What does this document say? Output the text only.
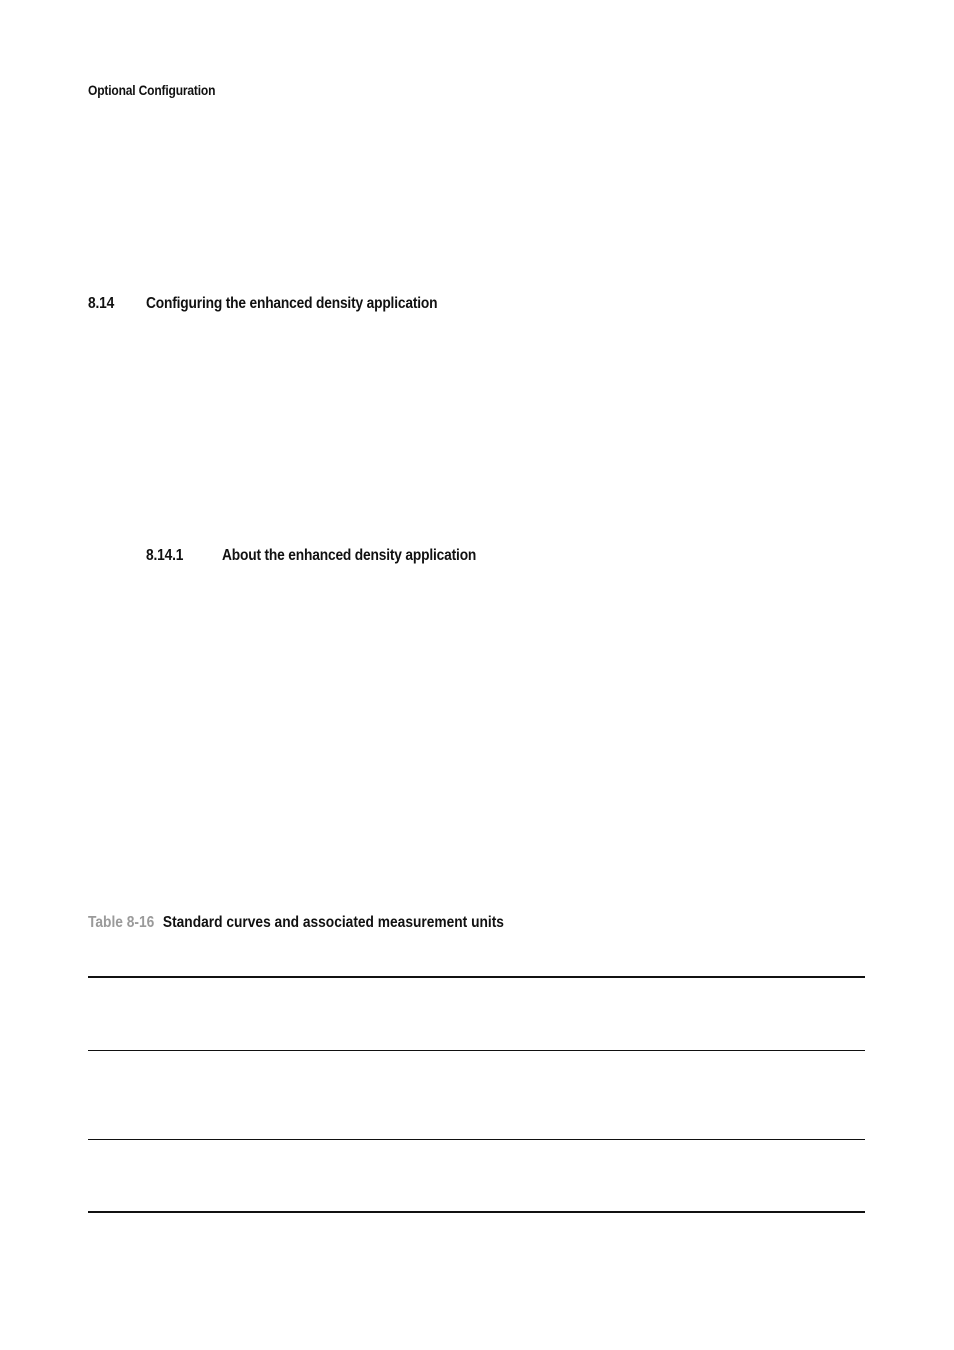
Optional Configuration
8.14 Configuring the enhanced density application
8.14.1 About the enhanced density application
Table 8-16 Standard curves and associated measurement units
